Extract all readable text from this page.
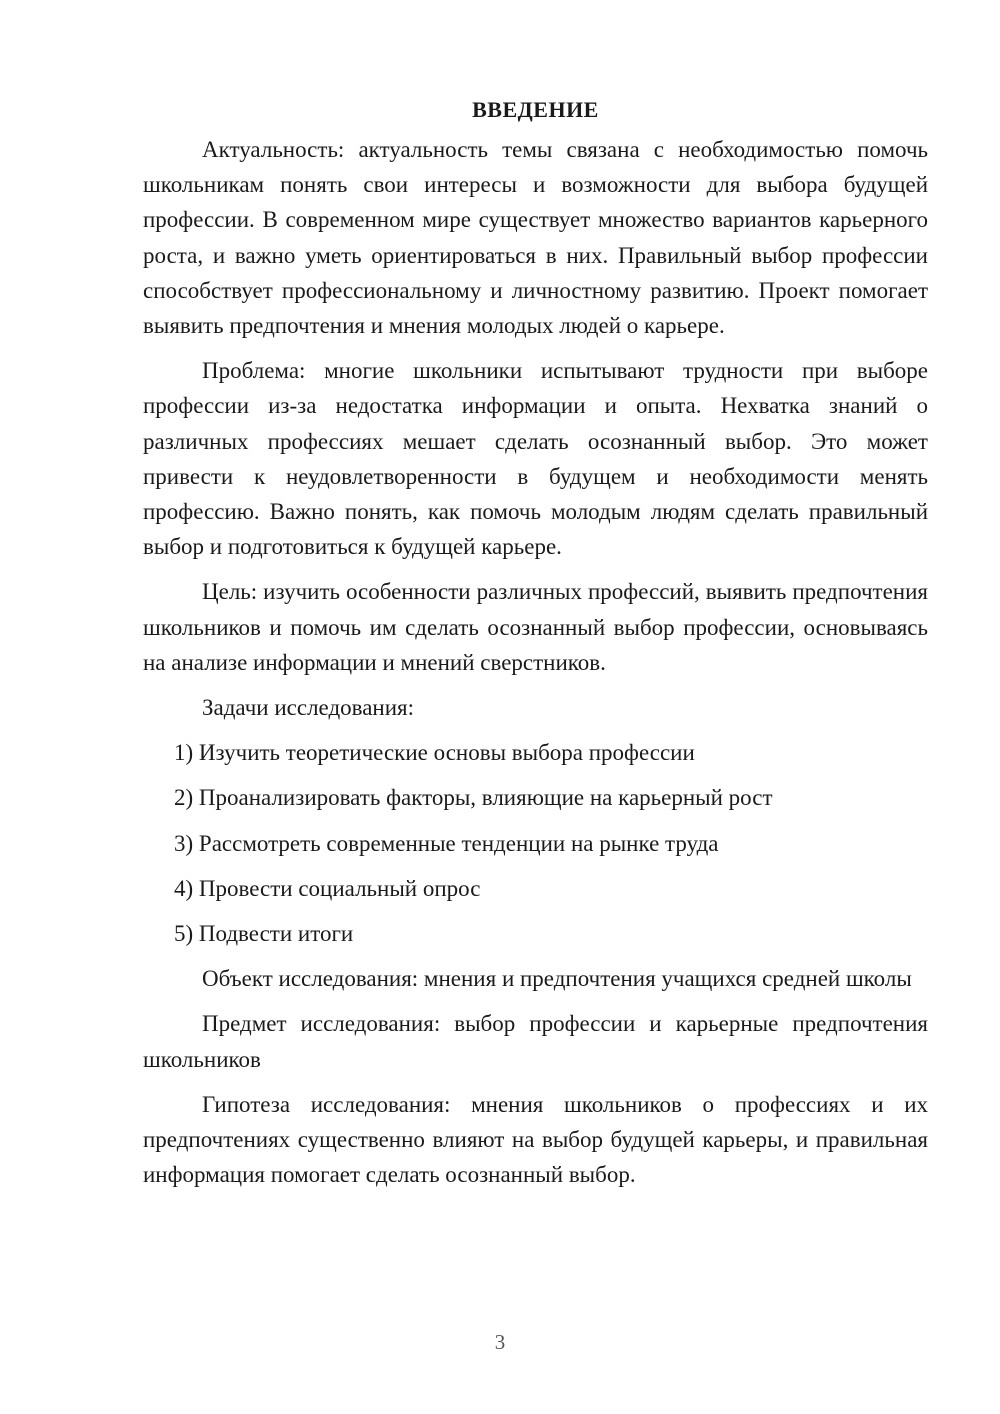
ВВЕДЕНИЕ

Актуальность: актуальность темы связана с необходимостью помочь школьникам понять свои интересы и возможности для выбора будущей профессии. В современном мире существует множество вариантов карьерного роста, и важно уметь ориентироваться в них. Правильный выбор профессии способствует профессиональному и личностному развитию. Проект помогает выявить предпочтения и мнения молодых людей о карьере.

Проблема: многие школьники испытывают трудности при выборе профессии из-за недостатка информации и опыта. Нехватка знаний о различных профессиях мешает сделать осознанный выбор. Это может привести к неудовлетворенности в будущем и необходимости менять профессию. Важно понять, как помочь молодым людям сделать правильный выбор и подготовиться к будущей карьере.

Цель: изучить особенности различных профессий, выявить предпочтения школьников и помочь им сделать осознанный выбор профессии, основываясь на анализе информации и мнений сверстников.

Задачи исследования:
1) Изучить теоретические основы выбора профессии
2) Проанализировать факторы, влияющие на карьерный рост
3) Рассмотреть современные тенденции на рынке труда
4) Провести социальный опрос
5) Подвести итоги

Объект исследования: мнения и предпочтения учащихся средней школы

Предмет исследования: выбор профессии и карьерные предпочтения школьников

Гипотеза исследования: мнения школьников о профессиях и их предпочтениях существенно влияют на выбор будущей карьеры, и правильная информация помогает сделать осознанный выбор.

3
